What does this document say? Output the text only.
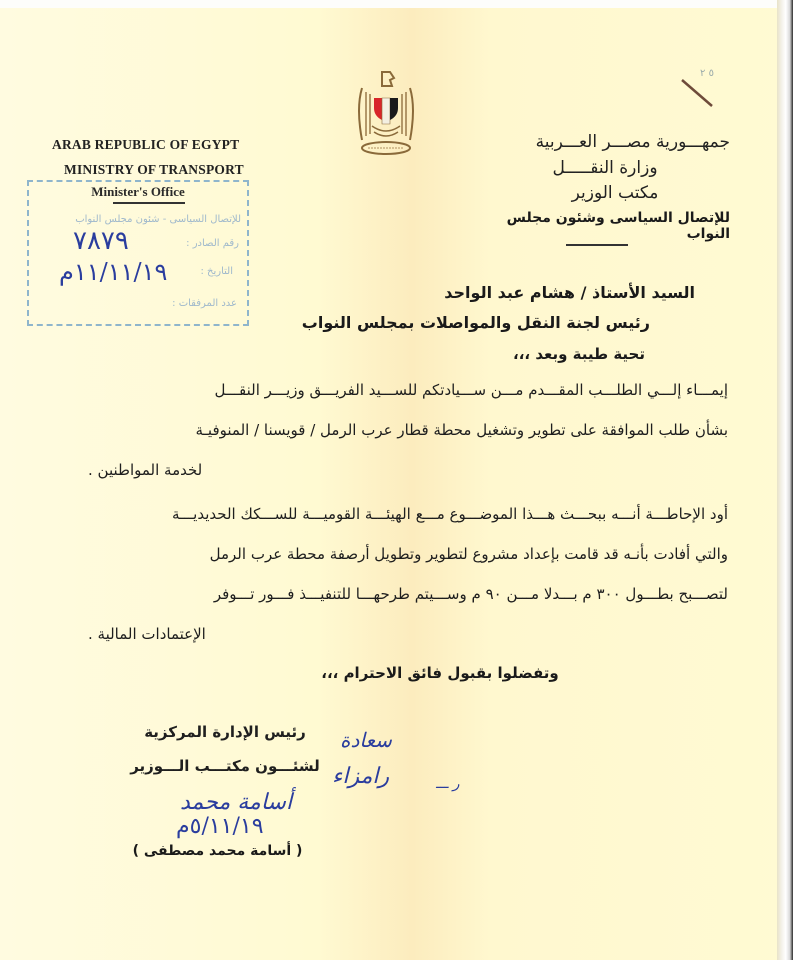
ARAB REPUBLIC OF EGYPT
MINISTRY OF TRANSPORT
٥ ٢
جمهـــورية مصـــر العـــربية
وزارة النقـــــل
مكتب الوزير
للإتصال السياسى وشئون مجلس النواب
Minister's Office
للإتصال السياسى - شئون مجلس النواب
رقم الصادر :
التاريخ :
عدد المرفقات :
٧٨٧٩
١١/١١/١٩م
السيد الأستاذ / هشام عبد الواحد
رئيس لجنة النقل والمواصلات بمجلس النواب
تحية طيبة وبعد ،،،
إيمـــاء إلـــي الطلـــب المقـــدم مـــن ســـيادتكم للســـيد الفريـــق وزيـــر النقـــل
بشأن طلب الموافقة على تطوير وتشغيل محطة قطار عرب الرمل / قويسنا / المنوفيـة
لخدمة المواطنين .
أود الإحاطـــة أنـــه ببحـــث هـــذا الموضـــوع مـــع الهيئـــة القوميـــة للســـكك الحديديـــة
والتي أفادت بأنـه قد قامت بإعداد مشروع لتطوير وتطويل أرصفة محطة عرب الرمل
لتصـــبح بطـــول ٣٠٠ م بـــدلا مـــن ٩٠ م وســـيتم طرحهـــا للتنفيـــذ فـــور تـــوفر
الإعتمادات المالية .
وتفضلوا بقبول فائق الاحترام ،،،
رئيس الإدارة المركزية
لشئـــون مكتـــب الـــوزير
أسامة محمد
٥/١١/١٩م
( أسامة محمد مصطفى )
سعادة
رامزاء	ر ـــ
